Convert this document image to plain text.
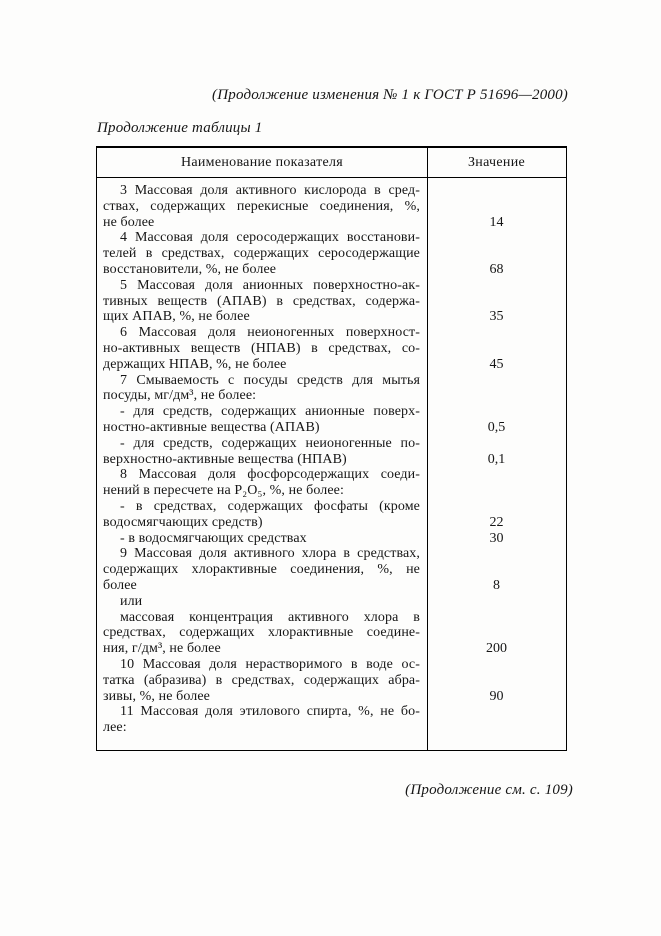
(Продолжение изменения № 1 к ГОСТ Р 51696—2000)
Продолжение таблицы 1
Наименование показателя	Значение
3 Массовая доля активного кислорода в сред-
ствах, содержащих перекисные соединения, %,
не более	14
4 Массовая доля серосодержащих восстанови-
телей в средствах, содержащих серосодержащие
восстановители, %, не более	68
5 Массовая доля анионных поверхностно-ак-
тивных веществ (АПАВ) в средствах, содержа-
щих АПАВ, %, не более	35
6 Массовая доля неионогенных поверхност-
но-активных веществ (НПАВ) в средствах, со-
держащих НПАВ, %, не более	45
7 Смываемость с посуды средств для мытья
посуды, мг/дм³, не более:
- для средств, содержащих анионные поверх-
ностно-активные вещества (АПАВ)	0,5
- для средств, содержащих неионогенные по-
верхностно-активные вещества (НПАВ)	0,1
8 Массовая доля фосфорсодержащих соеди-
нений в пересчете на P₂O₅, %, не более:
- в средствах, содержащих фосфаты (кроме
водосмягчающих средств)	22
- в водосмягчающих средствах	30
9 Массовая доля активного хлора в средствах,
содержащих хлорактивные соединения, %, не
более	8
или
массовая концентрация активного хлора в
средствах, содержащих хлорактивные соедине-
ния, г/дм³, не более	200
10 Массовая доля нерастворимого в воде ос-
татка (абразива) в средствах, содержащих абра-
зивы, %, не более	90
11 Массовая доля этилового спирта, %, не бо-
лее:
(Продолжение см. с. 109)
